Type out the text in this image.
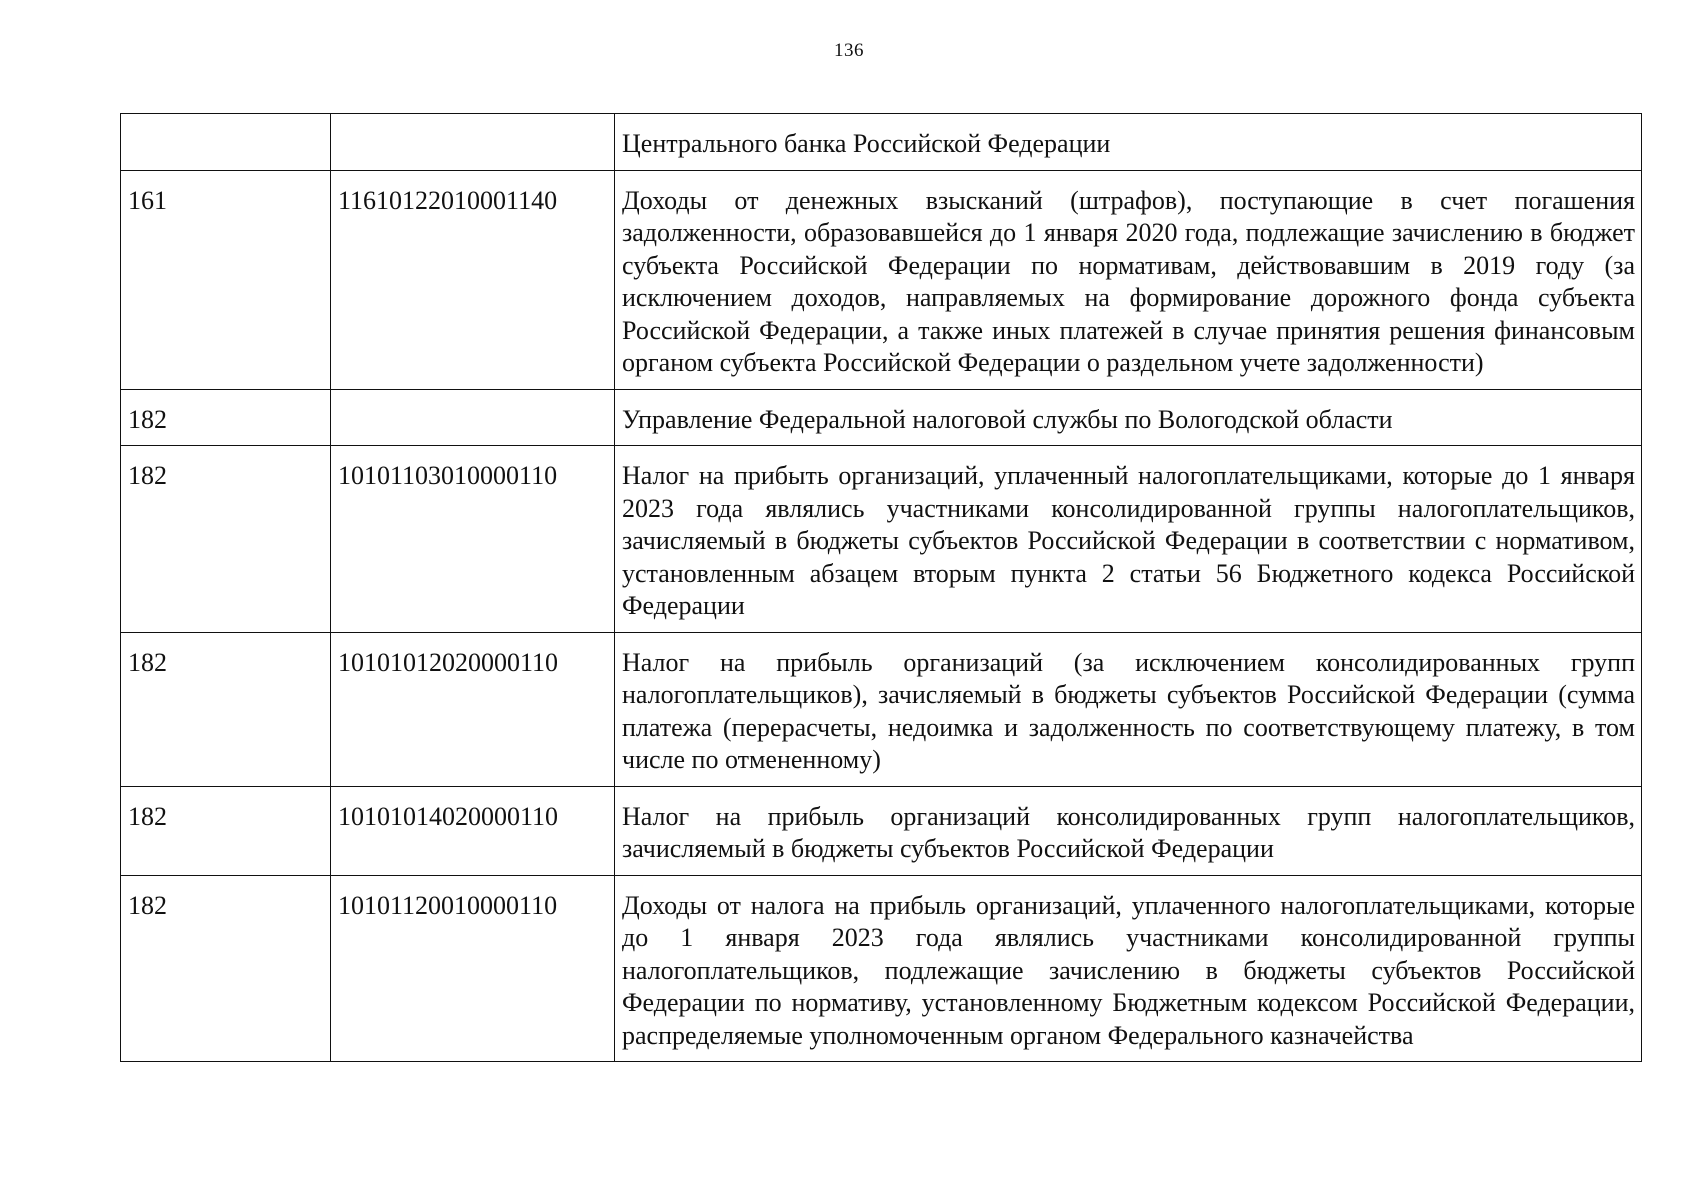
136
		Центрального банка Российской Федерации
161	11610122010001140	Доходы от денежных взысканий (штрафов), поступающие в счет погашения задолженности, образовавшейся до 1 января 2020 года, подлежащие зачислению в бюджет субъекта Российской Федерации по нормативам, действовавшим в 2019 году (за исключением доходов, направляемых на формирование дорожного фонда субъекта Российской Федерации, а также иных платежей в случае принятия решения финансовым органом субъекта Российской Федерации о раздельном учете задолженности)
182		Управление Федеральной налоговой службы по Вологодской области
182	10101103010000110	Налог на прибыть организаций, уплаченный налогоплательщиками, которые до 1 января 2023 года являлись участниками консолидированной группы налогоплательщиков, зачисляемый в бюджеты субъектов Российской Федерации в соответствии с нормативом, установленным абзацем вторым пункта 2 статьи 56 Бюджетного кодекса Российской Федерации
182	10101012020000110	Налог на прибыль организаций (за исключением консолидированных групп налогоплательщиков), зачисляемый в бюджеты субъектов Российской Федерации (сумма платежа (перерасчеты, недоимка и задолженность по соответствующему платежу, в том числе по отмененному)
182	10101014020000110	Налог на прибыль организаций консолидированных групп налогоплательщиков, зачисляемый в бюджеты субъектов Российской Федерации
182	10101120010000110	Доходы от налога на прибыль организаций, уплаченного налогоплательщиками, которые до 1 января 2023 года являлись участниками консолидированной группы налогоплательщиков, подлежащие зачислению в бюджеты субъектов Российской Федерации по нормативу, установленному Бюджетным кодексом Российской Федерации, распределяемые уполномоченным органом Федерального казначейства
